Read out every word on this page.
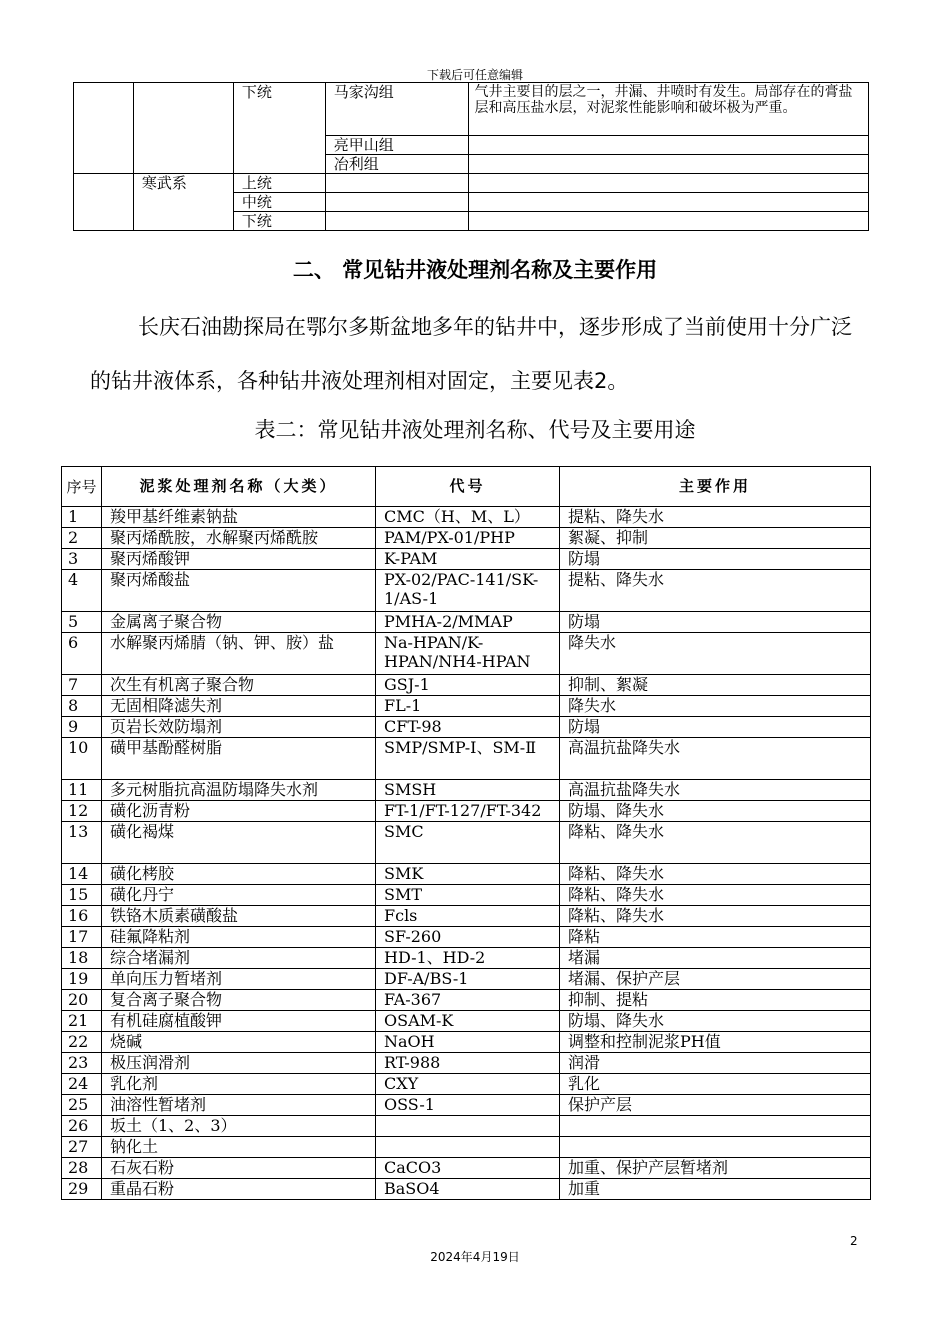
下载后可任意编辑
		下统	马家沟组	气井主要目的层之一，井漏、井喷时有发生。局部存在的膏盐层和高压盐水层，对泥浆性能影响和破坏极为严重。
			亮甲山组	
			冶利组	
	寒武系	上统		
		中统		
		下统		
二、 常见钻井液处理剂名称及主要作用
长庆石油勘探局在鄂尔多斯盆地多年的钻井中，逐步形成了当前使用十分广泛的钻井液体系，各种钻井液处理剂相对固定，主要见表2。
表二：常见钻井液处理剂名称、代号及主要用途
序号	泥浆处理剂名称（大类）	代号	主要作用
1	羧甲基纤维素钠盐	CMC（H、M、L）	提粘、降失水
2	聚丙烯酰胺，水解聚丙烯酰胺	PAM/PX-01/PHP	絮凝、抑制
3	聚丙烯酸钾	K-PAM	防塌
4	聚丙烯酸盐	PX-02/PAC-141/SK-1/AS-1	提粘、降失水
5	金属离子聚合物	PMHA-2/MMAP	防塌
6	水解聚丙烯腈（钠、钾、胺）盐	Na-HPAN/K-HPAN/NH4-HPAN	降失水
7	次生有机离子聚合物	GSJ-1	抑制、絮凝
8	无固相降滤失剂	FL-1	降失水
9	页岩长效防塌剂	CFT-98	防塌
10	磺甲基酚醛树脂	SMP/SMP-Ⅰ、SM-Ⅱ	高温抗盐降失水
11	多元树脂抗高温防塌降失水剂	SMSH	高温抗盐降失水
12	磺化沥青粉	FT-1/FT-127/FT-342	防塌、降失水
13	磺化褐煤	SMC	降粘、降失水
14	磺化栲胶	SMK	降粘、降失水
15	磺化丹宁	SMT	降粘、降失水
16	铁铬木质素磺酸盐	Fcls	降粘、降失水
17	硅氟降粘剂	SF-260	降粘
18	综合堵漏剂	HD-1、HD-2	堵漏
19	单向压力暂堵剂	DF-A/BS-1	堵漏、保护产层
20	复合离子聚合物	FA-367	抑制、提粘
21	有机硅腐植酸钾	OSAM-K	防塌、降失水
22	烧碱	NaOH	调整和控制泥浆PH值
23	极压润滑剂	RT-988	润滑
24	乳化剂	CXY	乳化
25	油溶性暂堵剂	OSS-1	保护产层
26	坂土（1、2、3）		
27	钠化土		
28	石灰石粉	CaCO3	加重、保护产层暂堵剂
29	重晶石粉	BaSO4	加重
2
2024年4月19日
